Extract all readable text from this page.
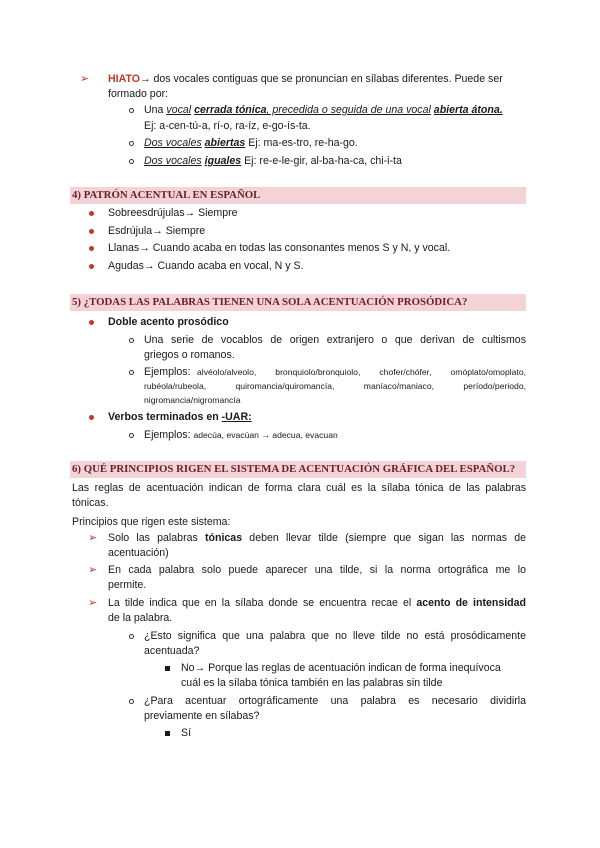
➢ HIATO→ dos vocales contiguas que se pronuncian en sílabas diferentes. Puede ser
formado por:
Una vocal cerrada tónica, precedida o seguida de una vocal abierta átona.
Ej: a-cen-tú-a, rí-o, ra-íz, e-go-ís-ta.
Dos vocales abiertas Ej: ma-es-tro, re-ha-go.
Dos vocales iguales Ej: re-e-le-gir, al-ba-ha-ca, chi-i-ta
4) PATRÓN ACENTUAL EN ESPAÑOL
Sobreesdrújulas→ Siempre
Esdrújula→ Siempre
Llanas→ Cuando acaba en todas las consonantes menos S y N, y vocal.
Agudas→ Cuando acaba en vocal, N y S.
5) ¿TODAS LAS PALABRAS TIENEN UNA SOLA ACENTUACIÓN PROSÓDICA?
Doble acento prosódico
Una serie de vocablos de origen extranjero o que derivan de cultismos
griegos o romanos.
Ejemplos: alvéolo/alveolo, bronquiolo/bronquiolo, chofer/chófer, omóplato/omoplato,
rubéola/rubeola, quiromancia/quiromancía, maníaco/maniaco, período/periodo,
nigromancia/nigromancía
Verbos terminados en -UAR:
Ejemplos: adecúa, evacúan → adecua, evacuan
6) QUÉ PRINCIPIOS RIGEN EL SISTEMA DE ACENTUACIÓN GRÁFICA DEL ESPAÑOL?
Las reglas de acentuación indican de forma clara cuál es la sílaba tónica de las palabras
tónicas.
Principios que rigen este sistema:
➢ Solo las palabras tónicas deben llevar tilde (siempre que sigan las normas de
acentuación)
➢ En cada palabra solo puede aparecer una tilde, si la norma ortográfica me lo
permite.
➢ La tilde indica que en la sílaba donde se encuentra recae el acento de intensidad
de la palabra.
¿Esto significa que una palabra que no lleve tilde no está prosódicamente
acentuada?
No→ Porque las reglas de acentuación indican de forma inequívoca
cuál es la sílaba tónica también en las palabras sin tilde
¿Para acentuar ortográficamente una palabra es necesario dividirla
previamente en sílabas?
Sí
